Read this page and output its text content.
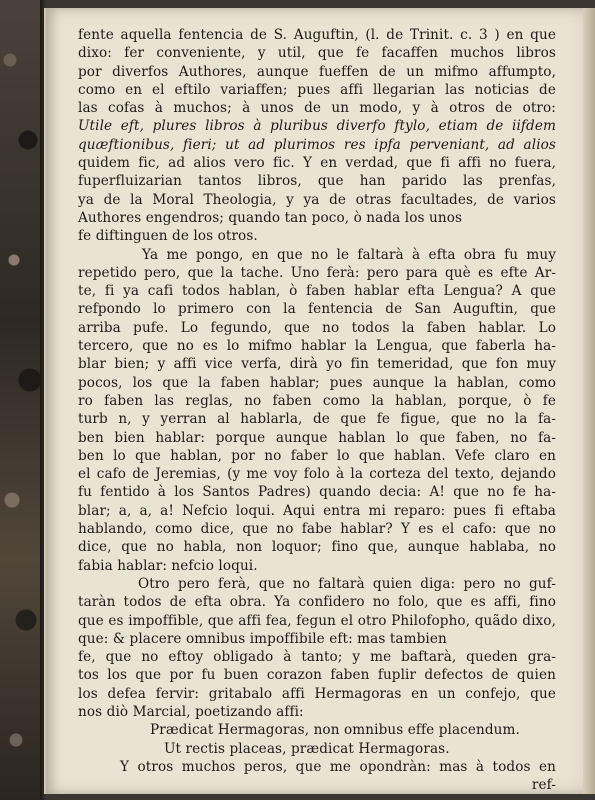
fente aquella fentencia de S. Auguftin, (l. de Trinit. c. 3 ) en que
dixo: fer conveniente, y util, que fe facaffen muchos libros
por diverfos Authores, aunque fueffen de un mifmo affumpto,
como en el eftilo variaffen; pues affi llegarian las noticias de
las cofas à muchos; à unos de un modo, y à otros de otro:
Utile eft, plures libros à pluribus diverfo ftylo, etiam de iifdem
quæftionibus, fieri; ut ad plurimos res ipfa perveniant, ad alios
quidem fic, ad alios vero fic. Y en verdad, que fi affi no fuera,
fuperfluizarian tantos libros, que han parido las prenfas,
ya de la Moral Theologia, y ya de otras facultades, de varios Authores engendros; quando tan poco, ò nada los unos
fe diftinguen de los otros.
Ya me pongo, en que no le faltarà à efta obra fu muy
repetido pero, que la tache. Uno ferà: pero para què es efte Ar-
te, fi ya cafi todos hablan, ò faben hablar efta Lengua? A que
refpondo lo primero con la fentencia de San Auguftin, que
arriba pufe. Lo fegundo, que no todos la faben hablar. Lo
tercero, que no es lo mifmo hablar la Lengua, que faberla ha-
blar bien; y affi vice verfa, dirà yo fin temeridad, que fon muy
pocos, los que la faben hablar; pues aunque la hablan, como
ro faben las reglas, no faben como la hablan, porque, ò fe
turb n, y yerran al hablarla, de que fe figue, que no la fa-
ben bien hablar: porque aunque hablan lo que faben, no fa-
ben lo que hablan, por no faber lo que hablan. Vefe claro en
el cafo de Jeremias, (y me voy folo à la corteza del texto, dejando
fu fentido à los Santos Padres) quando decia: A! que no fe ha-
blar; a, a, a! Nefcio loqui. Aqui entra mi reparo: pues fi eftaba
hablando, como dice, que no fabe hablar? Y es el cafo: que no
dice, que no habla, non loquor; fino que, aunque hablaba, no
fabia hablar: nefcio loqui.
Otro pero ferà, que no faltarà quien diga: pero no guf-
taràn todos de efta obra. Ya confidero no folo, que es affi, fino
que es impoffible, que affi fea, fegun el otro Philofopho, quãdo dixo, que: & placere omnibus impoffibile eft: mas tambien
fe, que no eftoy obligado à tanto; y me baftarà, queden gra-
tos los que por fu buen corazon faben fuplir defectos de quien
los defea fervir: gritabalo affi Hermagoras en un confejo, que
nos diò Marcial, poetizando affi:
Prædicat Hermagoras, non omnibus effe placendum.
Ut rectis placeas, prædicat Hermagoras.
Y otros muchos peros, que me opondràn: mas à todos en
ref-
